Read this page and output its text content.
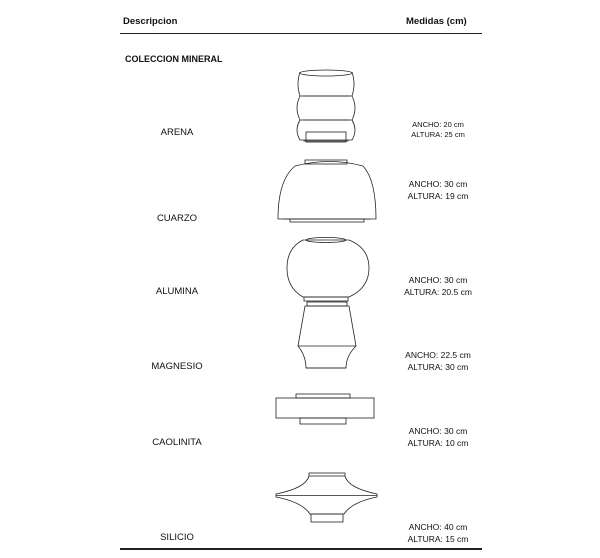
Descripcion	Medidas (cm)
COLECCION MINERAL
ARENA
CUARZO
ALUMINA
MAGNESIO
CAOLINITA
SILICIO
ANCHO: 20 cm
ALTURA: 25 cm
ANCHO: 30 cm
ALTURA: 19 cm
ANCHO: 30 cm
ALTURA: 20.5 cm
ANCHO: 22.5 cm
ALTURA: 30 cm
ANCHO: 30 cm
ALTURA: 10 cm
ANCHO: 40 cm
ALTURA: 15 cm
